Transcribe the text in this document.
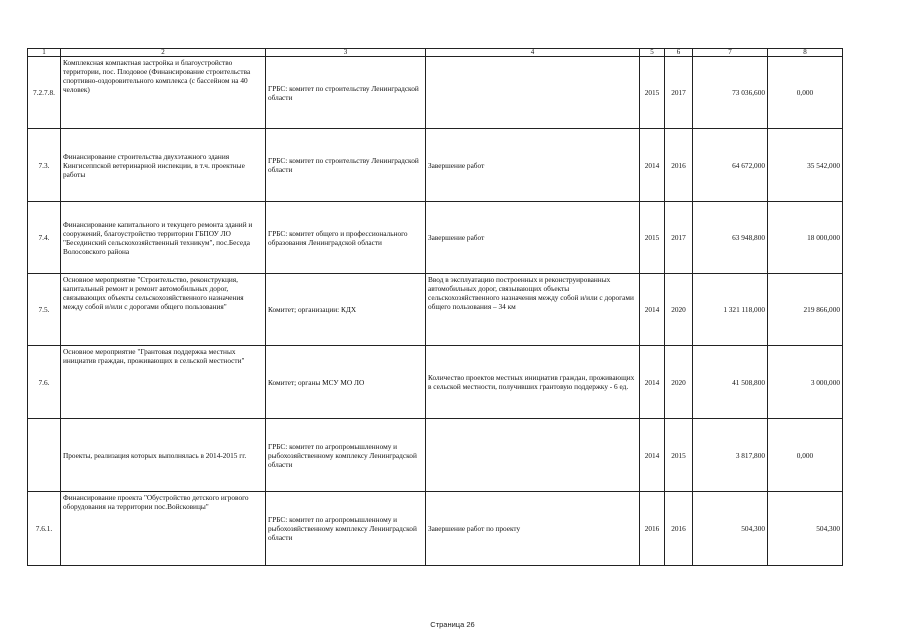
1	2	3	4	5	6	7	8
7.2.7.8.	Комплексная компактная застройка и благоустройство территории, пос. Плодовое (Финансирование строительства спортивно-оздоровительного комплекса (с бассейном на 40 человек)	ГРБС: комитет по строительству Ленинградской области		2015	2017	73 036,600	0,000
7.3.	Финансирование строительства двухэтажного здания Кингисеппской ветеринарной инспекции, в т.ч. проектные работы	ГРБС: комитет по строительству Ленинградской области	Завершение работ	2014	2016	64 672,000	35 542,000
7.4.	Финансирование капитального и текущего ремонта зданий и сооружений, благоустройство территории ГБПОУ ЛО "Бесединский сельскохозяйственный техникум", пос.Беседа Волосовского района	ГРБС: комитет общего и профессионального образования Ленинградской области	Завершение работ	2015	2017	63 948,800	18 000,000
7.5.	Основное мероприятие "Строительство, реконструкция, капитальный ремонт и ремонт автомобильных дорог, связывающих объекты сельскохозяйственного назначения между собой и/или с дорогами общего пользования"	Комитет; организации: КДХ	Ввод в эксплуатацию построенных и реконструированных автомобильных дорог, связывающих объекты сельскохозяйственного назначения между собой и/или с дорогами общего пользования – 34 км	2014	2020	1 321 118,000	219 866,000
7.6.	Основное мероприятие "Грантовая поддержка местных инициатив граждан, проживающих в сельской местности"	Комитет; органы МСУ МО ЛО	Количество проектов местных инициатив граждан, проживающих в сельской местности, получивших грантовую поддержку - 6 ед.	2014	2020	41 508,800	3 000,000
	Проекты, реализация которых выполнялась в 2014-2015 гг.	ГРБС: комитет по агропромышленному и рыбохозяйственному комплексу Ленинградской области		2014	2015	3 817,800	0,000
7.6.1.	Финансирование проекта "Обустройство детского игрового оборудования на территории пос.Войсковицы"	ГРБС: комитет по агропромышленному и рыбохозяйственному комплексу Ленинградской области	Завершение работ по проекту	2016	2016	504,300	504,300
Страница 26
